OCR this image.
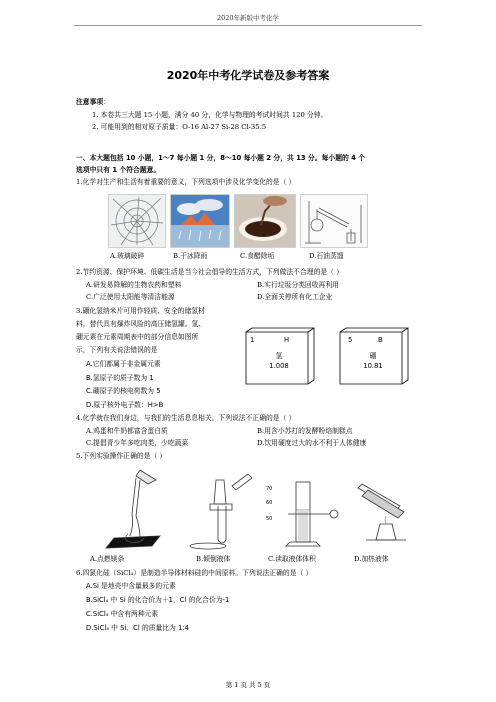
2020年新版中考化学
2020年中考化学试卷及参考答案
注意事项：
1. 本卷共三大题 15 小题，满分 40 分，化学与物理的考试时间共 120 分钟。
2. 可能用到的相对原子质量：O-16 Al-27 Si-28 Cl-35.5
一、本大题包括 10 小题，1～7 每小题 1 分，8～10 每小题 2 分，共 13 分。每小题的 4 个
选项中只有 1 个符合题意。
1.化学对生产和生活有着重要的意义，下列选项中涉及化学变化的是（ ）
A.玻璃破碎	B.干冰降雨	C.食醋除垢	D.石油蒸馏
2.节约资源、保护环境、低碳生活是当今社会倡导的生活方式，下列做法不合理的是（ ）
A.研发易降解的生物农药和塑料	B.实行垃圾分类回收再利用
C.广泛使用太阳能等清洁能源	D.全面关停所有化工企业
3.硼化氢纳米片可用作轻质、安全的储氢材
料，替代具有爆炸风险的高压储氢罐。氢、
硼元素在元素周期表中的部分信息如图所
示，下列有关说法错误的是
A.它们都属于非金属元素
B.氢原子的质子数为 1
C.硼原子的核电荷数为 5
D.原子核外电子数：H>B
1	H
氢
1.008
5	B
硼
10.81
4.化学就在我们身边，与我们的生活息息相关。下列说法不正确的是（ ）
A.鸡蛋和牛奶都富含蛋白质	B.用含小苏打的发酵粉焙制糕点
C.提倡青少年多吃肉类，少吃蔬菜	D.饮用硬度过大的水不利于人体健康
5.下列实验操作正确的是（ ）
70
60
50
A.点燃镁条	B.倾倒液体	C.读取液体体积	D.加热液体
6.四氯化硅（SiCl₄）是制造半导体材料硅的中间原料。下列说法正确的是（ ）
A.Si 是地壳中含量最多的元素
B.SiCl₄ 中 Si 的化合价为＋1，Cl 的化合价为-1
C.SiCl₄ 中含有两种元素
D.SiCl₄ 中 Si、Cl 的质量比为 1:4
第 1 页 共 5 页
